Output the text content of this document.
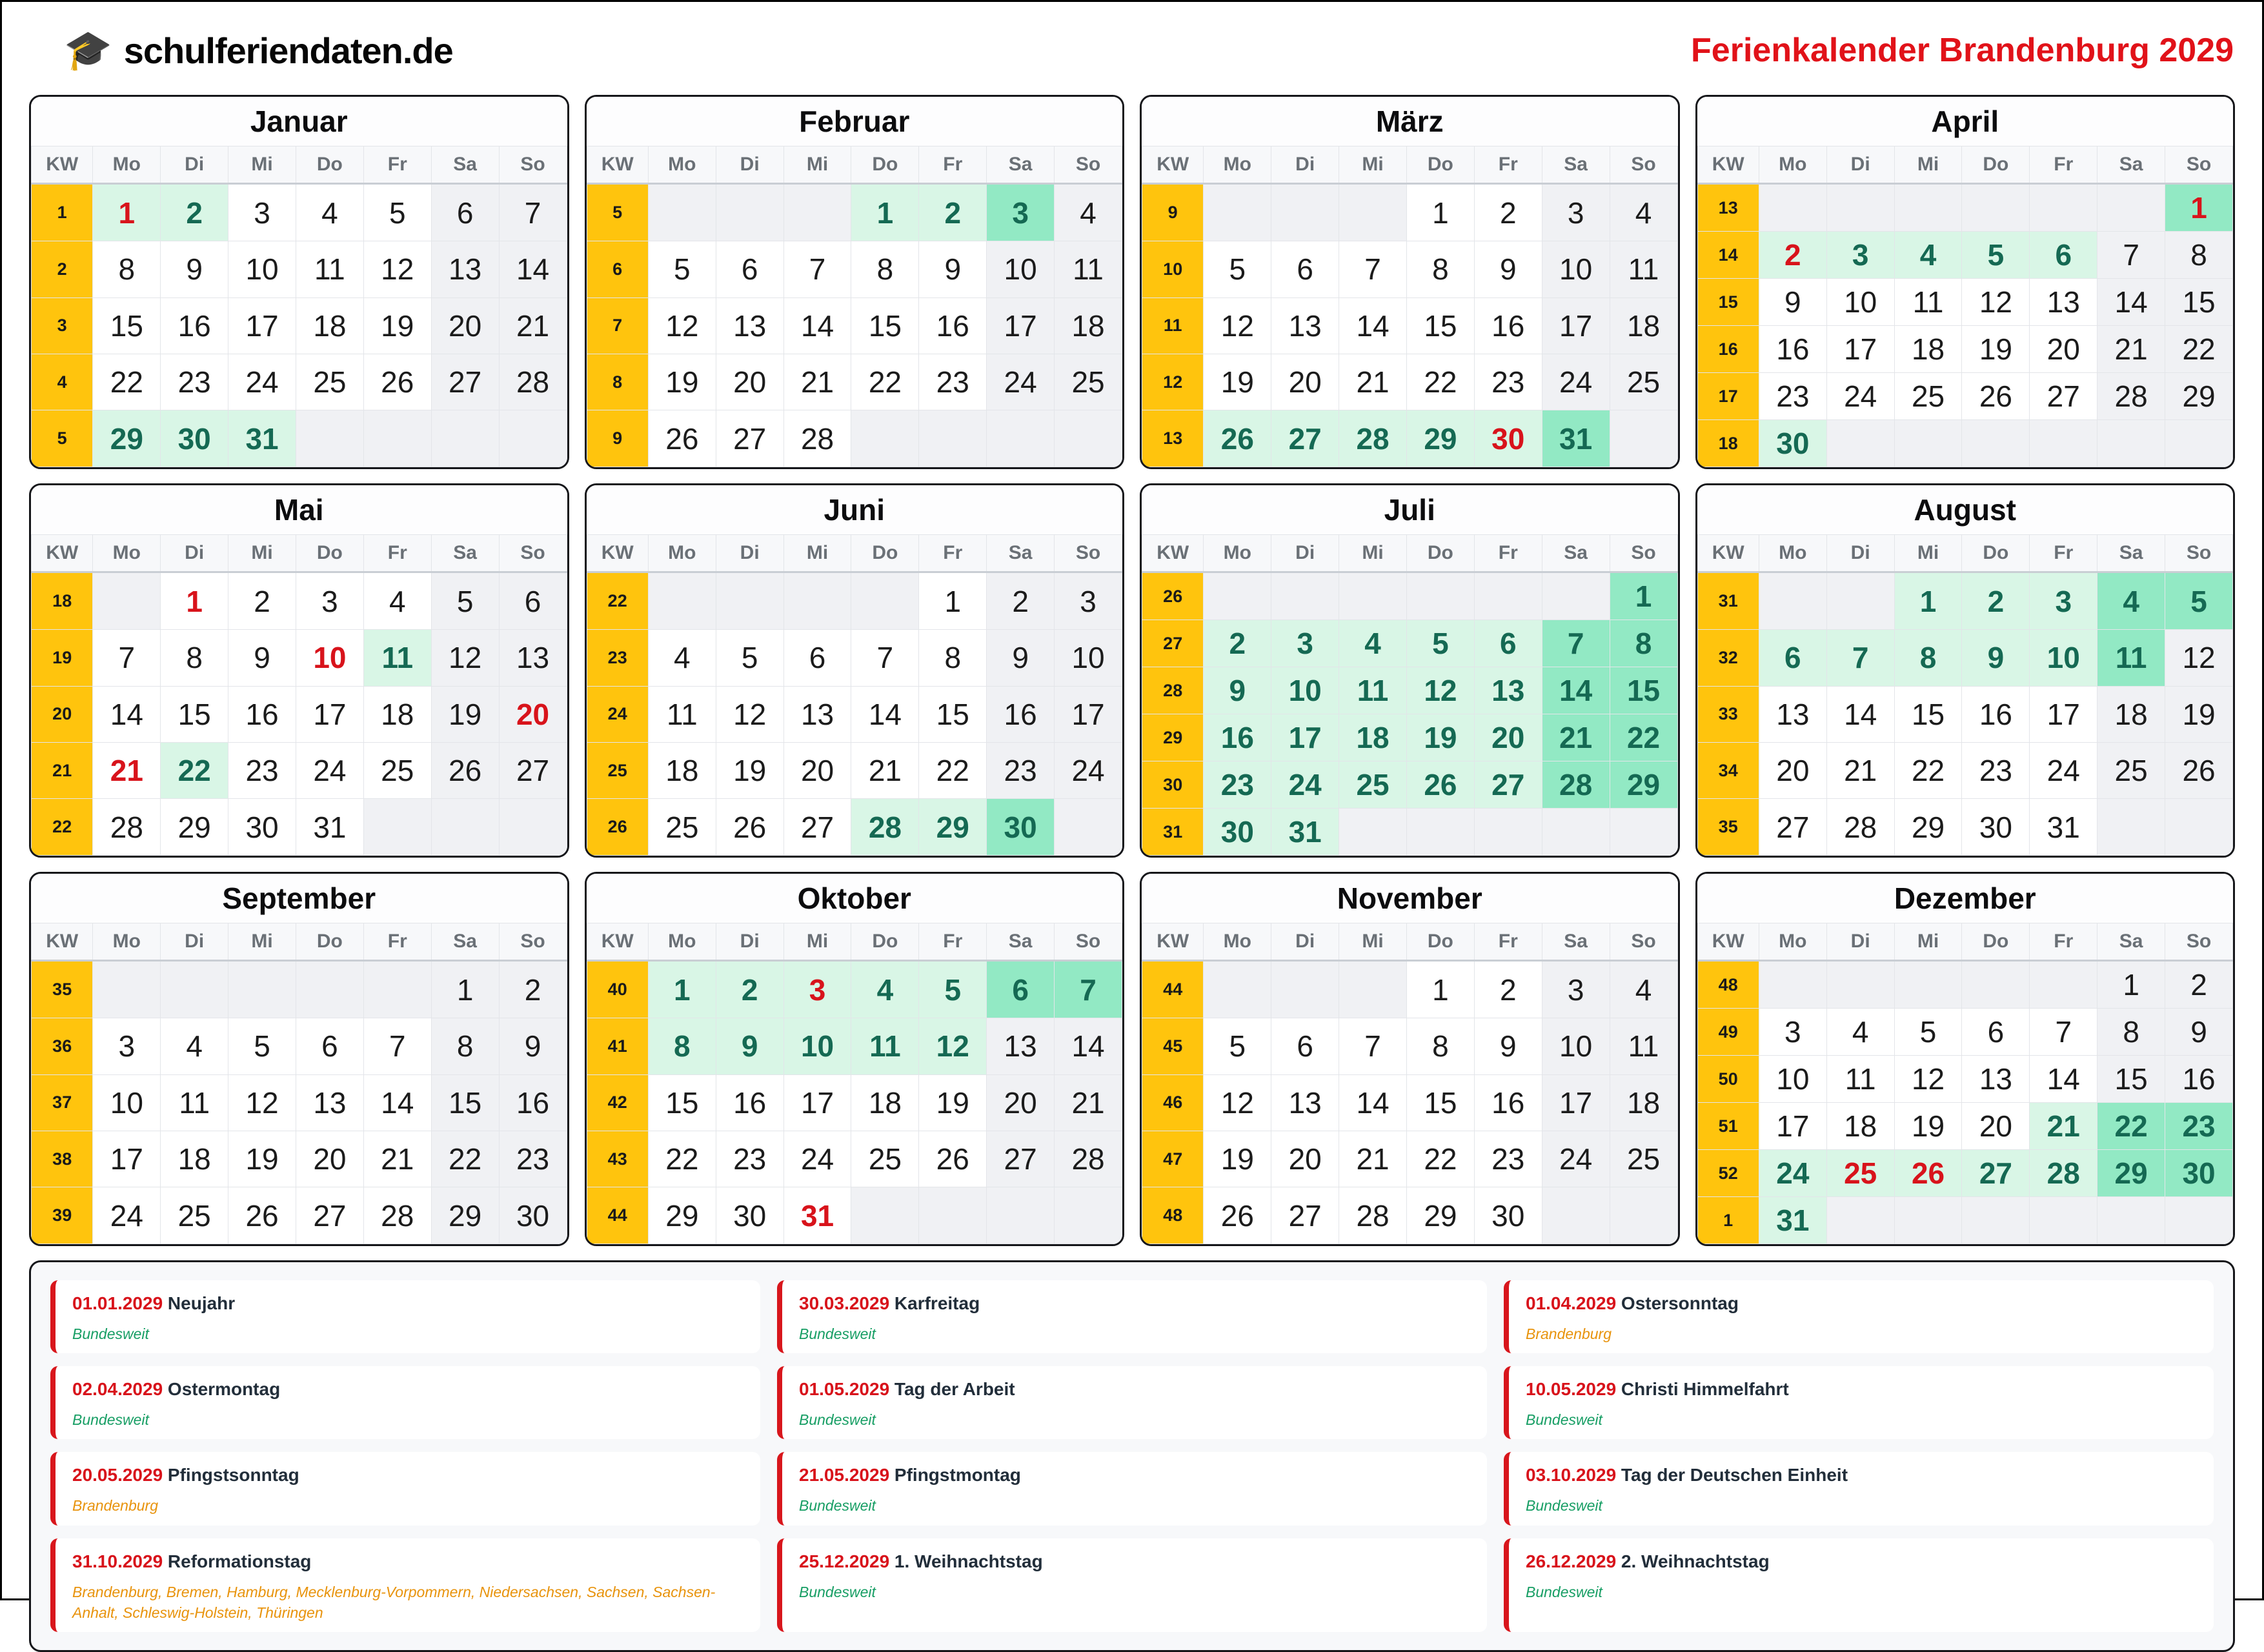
🎓 schulferiendaten.de	Ferienkalender Brandenburg 2029
Januar
KW	Mo	Di	Mi	Do	Fr	Sa	So
1	1	2	3	4	5	6	7
2	8	9	10	11	12	13	14
3	15	16	17	18	19	20	21
4	22	23	24	25	26	27	28
5	29	30	31				
Februar
KW	Mo	Di	Mi	Do	Fr	Sa	So
5				1	2	3	4
6	5	6	7	8	9	10	11
7	12	13	14	15	16	17	18
8	19	20	21	22	23	24	25
9	26	27	28				
März
KW	Mo	Di	Mi	Do	Fr	Sa	So
9				1	2	3	4
10	5	6	7	8	9	10	11
11	12	13	14	15	16	17	18
12	19	20	21	22	23	24	25
13	26	27	28	29	30	31	
April
KW	Mo	Di	Mi	Do	Fr	Sa	So
13							1
14	2	3	4	5	6	7	8
15	9	10	11	12	13	14	15
16	16	17	18	19	20	21	22
17	23	24	25	26	27	28	29
18	30						
Mai
KW	Mo	Di	Mi	Do	Fr	Sa	So
18		1	2	3	4	5	6
19	7	8	9	10	11	12	13
20	14	15	16	17	18	19	20
21	21	22	23	24	25	26	27
22	28	29	30	31			
Juni
KW	Mo	Di	Mi	Do	Fr	Sa	So
22					1	2	3
23	4	5	6	7	8	9	10
24	11	12	13	14	15	16	17
25	18	19	20	21	22	23	24
26	25	26	27	28	29	30	
Juli
KW	Mo	Di	Mi	Do	Fr	Sa	So
26							1
27	2	3	4	5	6	7	8
28	9	10	11	12	13	14	15
29	16	17	18	19	20	21	22
30	23	24	25	26	27	28	29
31	30	31					
August
KW	Mo	Di	Mi	Do	Fr	Sa	So
31			1	2	3	4	5
32	6	7	8	9	10	11	12
33	13	14	15	16	17	18	19
34	20	21	22	23	24	25	26
35	27	28	29	30	31		
September
KW	Mo	Di	Mi	Do	Fr	Sa	So
35						1	2
36	3	4	5	6	7	8	9
37	10	11	12	13	14	15	16
38	17	18	19	20	21	22	23
39	24	25	26	27	28	29	30
Oktober
KW	Mo	Di	Mi	Do	Fr	Sa	So
40	1	2	3	4	5	6	7
41	8	9	10	11	12	13	14
42	15	16	17	18	19	20	21
43	22	23	24	25	26	27	28
44	29	30	31				
November
KW	Mo	Di	Mi	Do	Fr	Sa	So
44				1	2	3	4
45	5	6	7	8	9	10	11
46	12	13	14	15	16	17	18
47	19	20	21	22	23	24	25
48	26	27	28	29	30		
Dezember
KW	Mo	Di	Mi	Do	Fr	Sa	So
48						1	2
49	3	4	5	6	7	8	9
50	10	11	12	13	14	15	16
51	17	18	19	20	21	22	23
52	24	25	26	27	28	29	30
1	31						
01.01.2029 Neujahr
Bundesweit
30.03.2029 Karfreitag
Bundesweit
01.04.2029 Ostersonntag
Brandenburg
02.04.2029 Ostermontag
Bundesweit
01.05.2029 Tag der Arbeit
Bundesweit
10.05.2029 Christi Himmelfahrt
Bundesweit
20.05.2029 Pfingstsonntag
Brandenburg
21.05.2029 Pfingstmontag
Bundesweit
03.10.2029 Tag der Deutschen Einheit
Bundesweit
31.10.2029 Reformationstag
Brandenburg, Bremen, Hamburg, Mecklenburg-Vorpommern, Niedersachsen, Sachsen, Sachsen-Anhalt, Schleswig-Holstein, Thüringen
25.12.2029 1. Weihnachtstag
Bundesweit
26.12.2029 2. Weihnachtstag
Bundesweit
